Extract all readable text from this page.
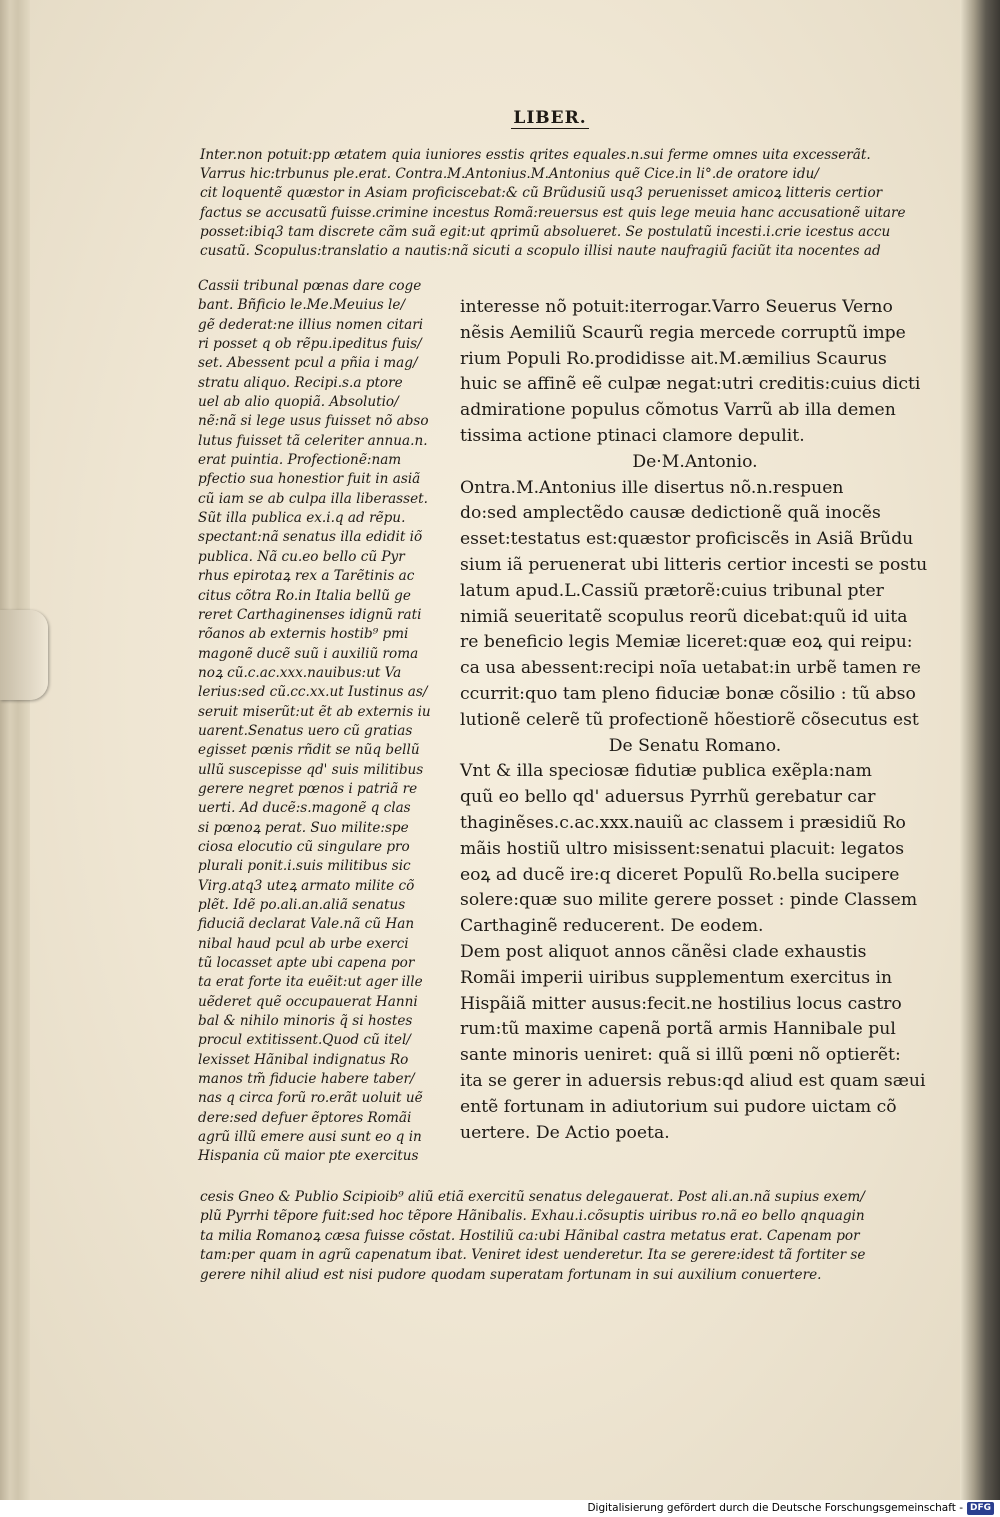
LIBER.
Inter.non potuit:pp ætatem quia iuniores esstis qrites equales.n.sui ferme omnes uita excesserãt.
Varrus hic:trbunus ple.erat. Contra.M.Antonius.M.Antonius quẽ Cice.in li°.de oratore idu/
cit loquentẽ quæstor in Asiam proficiscebat:& cũ Brũdusiũ usq3 peruenisset amicoꝝ litteris certior
factus se accusatũ fuisse.crimine incestus Romã:reuersus est quis lege meuia hanc accusationẽ uitare
posset:ibiq3 tam discrete cãm suã egit:ut qprimũ absolueret. Se postulatũ incesti.i.crie icestus accu
cusatũ. Scopulus:translatio a nautis:nã sicuti a scopulo illisi naute naufragiũ faciũt ita nocentes ad
Cassii tribunal pœnas dare coge
bant. Bñficio le.Me.Meuius le/
gẽ dederat:ne illius nomen citari
ri posset q ob rẽpu.ipeditus fuis/
set. Abessent pcul a pñia i mag/
stratu aliquo. Recipi.s.a ptore
uel ab alio quopiã. Absolutio/
nẽ:nã si lege usus fuisset nõ abso
lutus fuisset tã celeriter annua.n.
erat puintia. Profectionẽ:nam
pfectio sua honestior fuit in asiã
cũ iam se ab culpa illa liberasset.
Sũt illa publica ex.i.q ad rẽpu.
spectant:nã senatus illa edidit iõ
publica. Nã cu.eo bello cũ Pyr
rhus epirotaꝝ rex a Tarẽtinis ac
citus cõtra Ro.in Italia bellũ ge
reret Carthaginenses idignũ rati
rõanos ab externis hostib⁹ pmi
magonẽ ducẽ suũ i auxiliũ roma
noꝝ cũ.c.ac.xxx.nauibus:ut Va
lerius:sed cũ.cc.xx.ut Iustinus as/
seruit miserũt:ut ẽt ab externis iu
uarent.Senatus uero cũ gratias
egisset pœnis rñdit se nũq bellũ
ullũ suscepisse qd' suis militibus
gerere negret pœnos i patriã re
uerti. Ad ducẽ:s.magonẽ q clas
si pœnoꝝ perat. Suo milite:spe
ciosa elocutio cũ singulare pro
plurali ponit.i.suis militibus sic
Virg.atq3 uteꝝ armato milite cõ
plẽt. Idẽ po.ali.an.aliã senatus
fiduciã declarat Vale.nã cũ Han
nibal haud pcul ab urbe exerci
tũ locasset apte ubi capena por
ta erat forte ita euẽit:ut ager ille
uẽderet quẽ occupauerat Hanni
bal & nihilo minoris q̃ si hostes
procul extitissent.Quod cũ itel/
lexisset Hãnibal indignatus Ro
manos tm̃ fiducie habere taber/
nas q circa forũ ro.erãt uoluit uẽ
dere:sed defuer ẽptores Romãi
agrũ illũ emere ausi sunt eo q in
Hispania cũ maior pte exercitus
interesse nõ potuit:iterrogar.Varro Seuerus Verno
nẽsis Aemiliũ Scaurũ regia mercede corruptũ impe
rium Populi Ro.prodidisse ait.M.æmilius Scaurus
huic se affinẽ eẽ culpæ negat:utri creditis:cuius dicti
admiratione populus cõmotus Varrũ ab illa demen
tissima actione ptinaci clamore depulit.
De·M.Antonio.
Ontra.M.Antonius ille disertus nõ.n.respuen
do:sed amplectẽdo causæ dedictionẽ quã inocẽs
esset:testatus est:quæstor proficiscẽs in Asiã Brũdu
sium iã peruenerat ubi litteris certior incesti se postu
latum apud.L.Cassiũ prætorẽ:cuius tribunal pter
nimiã seueritatẽ scopulus reorũ dicebat:quũ id uita
re beneficio legis Memiæ liceret:quæ eoꝝ qui reipu:
ca usa abessent:recipi noĩa uetabat:in urbẽ tamen re
ccurrit:quo tam pleno fiduciæ bonæ cõsilio : tũ abso
lutionẽ celerẽ tũ profectionẽ hõestiorẽ cõsecutus est
De Senatu Romano.
Vnt & illa speciosæ fidutiæ publica exẽpla:nam
quũ eo bello qd' aduersus Pyrrhũ gerebatur car
thaginẽses.c.ac.xxx.nauiũ ac classem i præsidiũ Ro
mãis hostiũ ultro misissent:senatui placuit: legatos
eoꝝ ad ducẽ ire:q diceret Populũ Ro.bella sucipere
solere:quæ suo milite gerere posset : pinde Classem
Carthaginẽ reducerent. De eodem.
Dem post aliquot annos cãnẽsi clade exhaustis
Romãi imperii uiribus supplementum exercitus in
Hispãiã mitter ausus:fecit.ne hostilius locus castro
rum:tũ maxime capenã portã armis Hannibale pul
sante minoris ueniret: quã si illũ pœni nõ optierẽt:
ita se gerer in aduersis rebus:qd aliud est quam sæui
entẽ fortunam in adiutorium sui pudore uictam cõ
uertere. De Actio poeta.
cesis Gneo & Publio Scipioib⁹ aliũ etiã exercitũ senatus delegauerat. Post ali.an.nã supius exem/
plũ Pyrrhi tẽpore fuit:sed hoc tẽpore Hãnibalis. Exhau.i.cõsuptis uiribus ro.nã eo bello qnquagin
ta milia Romanoꝝ cæsa fuisse cõstat. Hostiliũ ca:ubi Hãnibal castra metatus erat. Capenam por
tam:per quam in agrũ capenatum ibat. Veniret idest uenderetur. Ita se gerere:idest tã fortiter se
gerere nihil aliud est nisi pudore quodam superatam fortunam in sui auxilium conuertere.
Digitalisierung gefördert durch die Deutsche Forschungsgemeinschaft - DFG
